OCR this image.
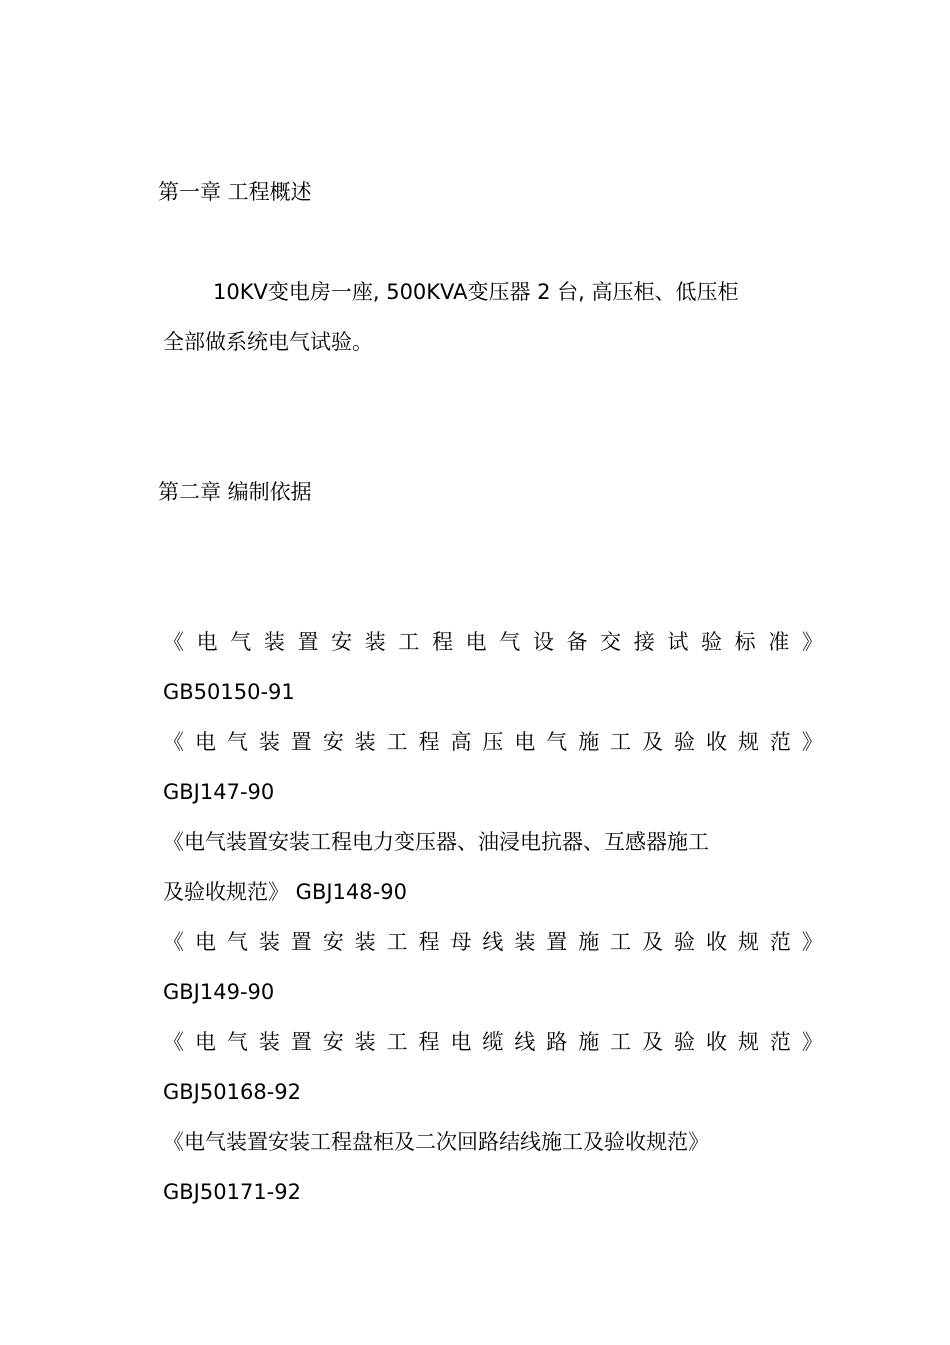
第一章 工程概述
10KV变电房一座, 500KVA变压器 2 台, 高压柜、低压柜
全部做系统电气试验。
第二章 编制依据
《 电 气 装 置 安 装 工 程 电 气 设 备 交 接 试 验 标 准 》
GB50150-91
《 电 气 装 置 安 装 工 程 高 压 电 气 施 工 及 验 收 规 范 》
GBJ147-90
《电气装置安装工程电力变压器、油浸电抗器、互感器施工
及验收规范》 GBJ148-90
《 电 气 装 置 安 装 工 程 母 线 装 置 施 工 及 验 收 规 范 》
GBJ149-90
《 电 气 装 置 安 装 工 程 电 缆 线 路 施 工 及 验 收 规 范 》
GBJ50168-92
《电气装置安装工程盘柜及二次回路结线施工及验收规范》
GBJ50171-92
